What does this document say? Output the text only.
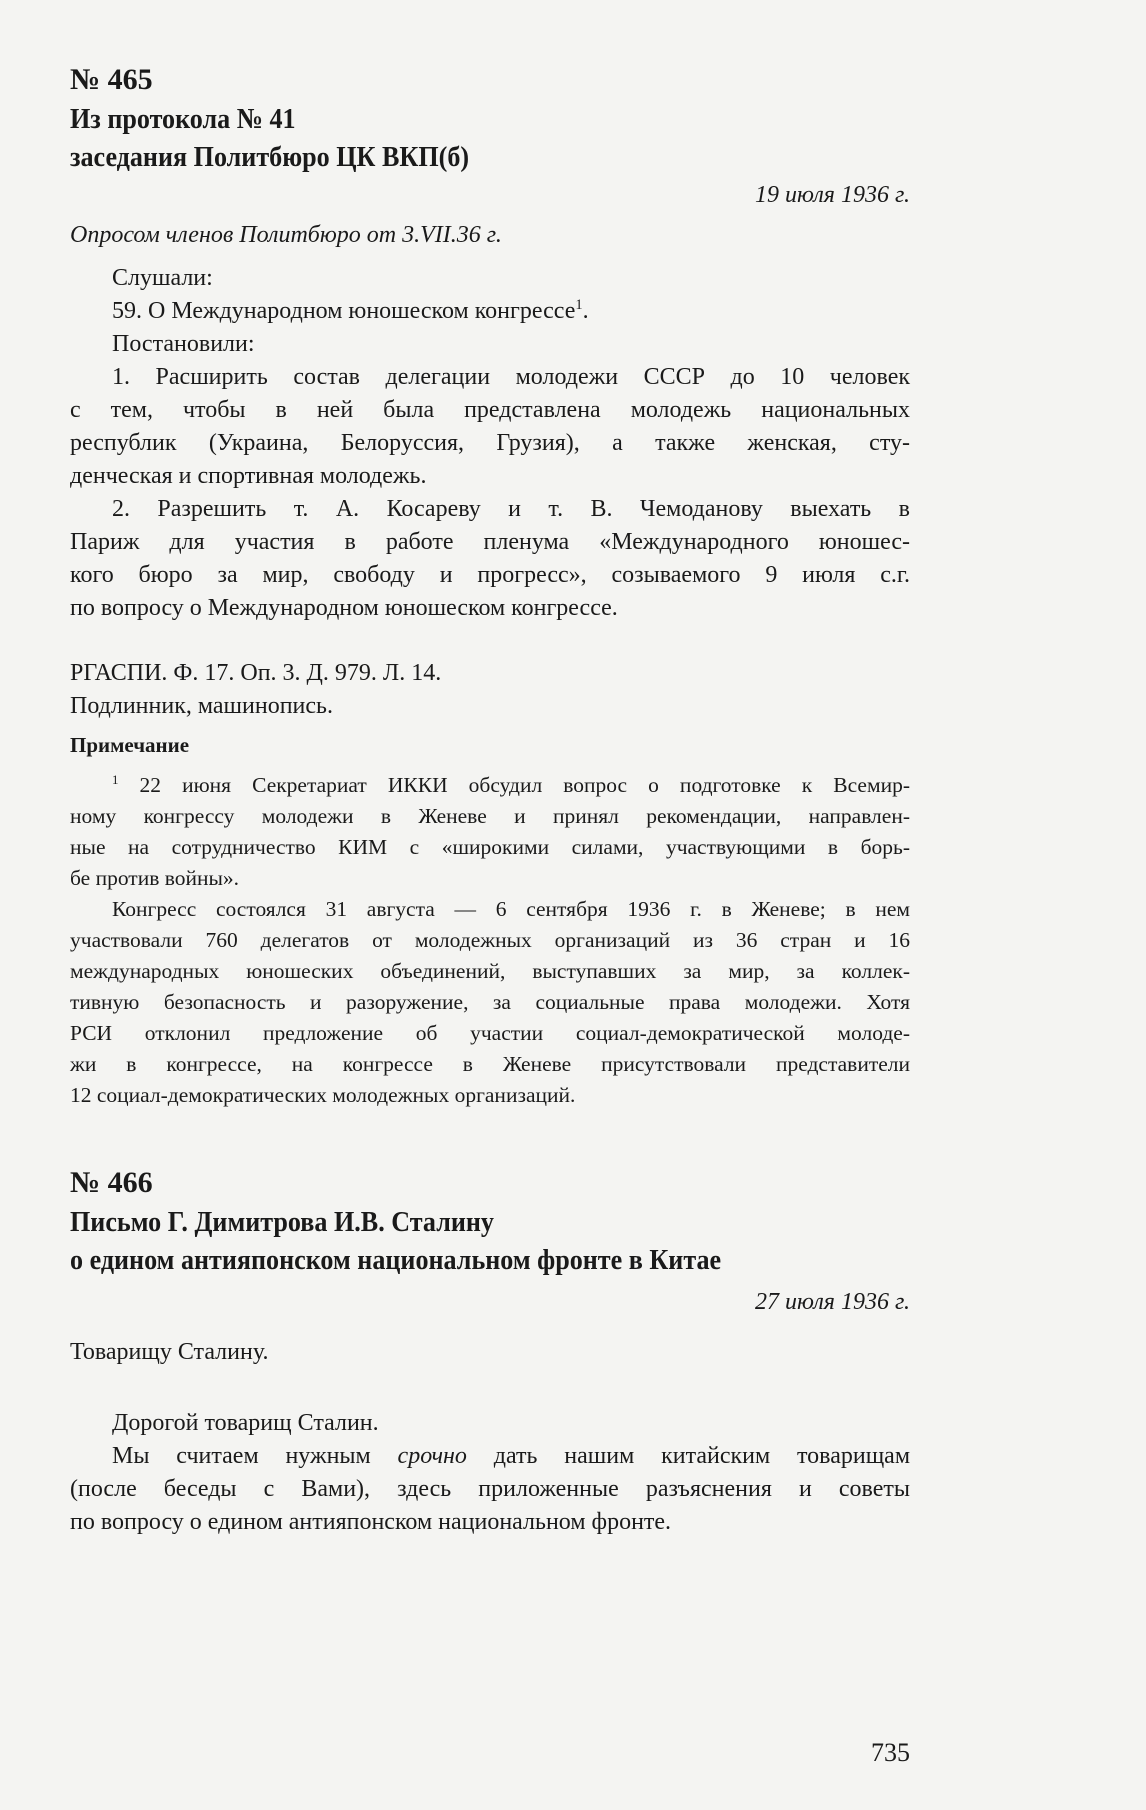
№ 465
Из протокола № 41
заседания Политбюро ЦК ВКП(б)
19 июля 1936 г.
Опросом членов Политбюро от 3.VII.36 г.
Слушали:
59. О Международном юношеском конгрессе$^1$.
Постановили:
1. Расширить состав делегации молодежи СССР до 10 человек
с тем, чтобы в ней была представлена молодежь национальных
республик (Украина, Белоруссия, Грузия), а также женская, сту-
денческая и спортивная молодежь.
2. Разрешить т. А. Косареву и т. В. Чемоданову выехать в
Париж для участия в работе пленума «Международного юношес-
кого бюро за мир, свободу и прогресс», созываемого 9 июля с.г.
по вопросу о Международном юношеском конгрессе.
РГАСПИ. Ф. 17. Оп. 3. Д. 979. Л. 14.
Подлинник, машинопись.
Примечание
$^1$ 22 июня Секретариат ИККИ обсудил вопрос о подготовке к Всемир-
ному конгрессу молодежи в Женеве и принял рекомендации, направлен-
ные на сотрудничество КИМ с «широкими силами, участвующими в борь-
бе против войны».
Конгресс состоялся 31 августа — 6 сентября 1936 г. в Женеве; в нем
участвовали 760 делегатов от молодежных организаций из 36 стран и 16
международных юношеских объединений, выступавших за мир, за коллек-
тивную безопасность и разоружение, за социальные права молодежи. Хотя
РСИ отклонил предложение об участии социал-демократической молоде-
жи в конгрессе, на конгрессе в Женеве присутствовали представители
12 социал-демократических молодежных организаций.
№ 466
Письмо Г. Димитрова И.В. Сталину
о едином антияпонском национальном фронте в Китае
27 июля 1936 г.
Товарищу Сталину.
Дорогой товарищ Сталин.
Мы считаем нужным срочно дать нашим китайским товарищам
(после беседы с Вами), здесь приложенные разъяснения и советы
по вопросу о едином антияпонском национальном фронте.
735
